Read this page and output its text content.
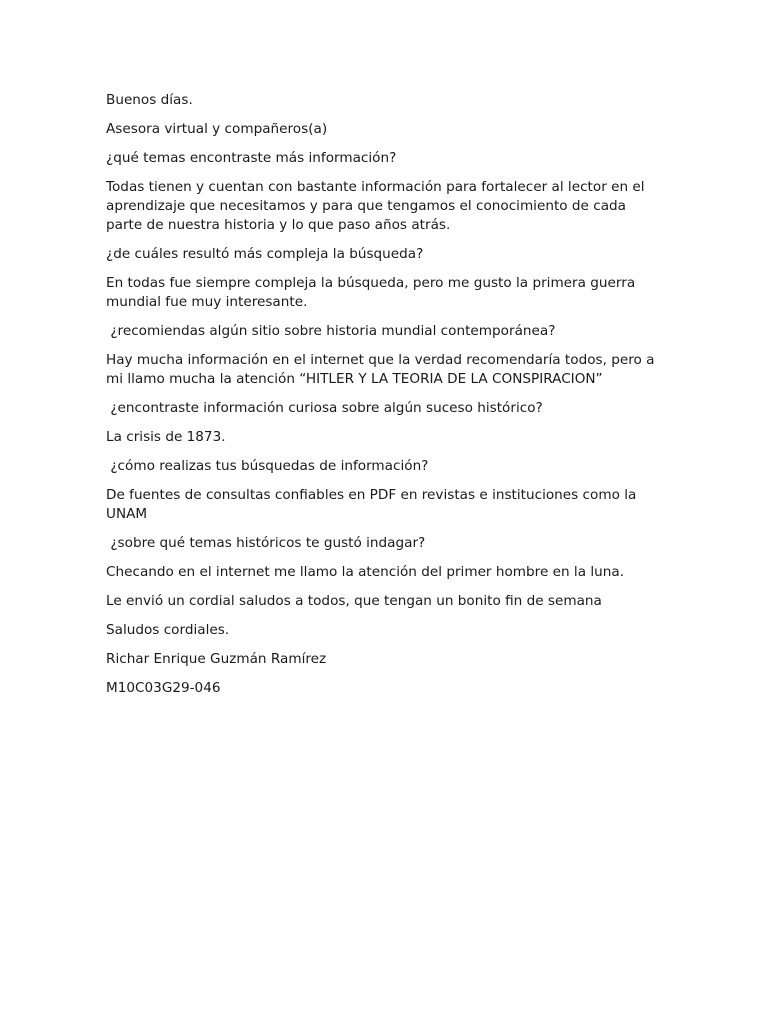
Buenos días.

Asesora virtual y compañeros(a)

¿qué temas encontraste más información?

Todas tienen y cuentan con bastante información para fortalecer al lector en el aprendizaje que necesitamos y para que tengamos el conocimiento de cada parte de nuestra historia y lo que paso años atrás.

¿de cuáles resultó más compleja la búsqueda?

En todas fue siempre compleja la búsqueda, pero me gusto la primera guerra mundial fue muy interesante.

¿recomiendas algún sitio sobre historia mundial contemporánea?

Hay mucha información en el internet que la verdad recomendaría todos, pero a mi llamo mucha la atención “HITLER Y LA TEORIA DE LA CONSPIRACION”

¿encontraste información curiosa sobre algún suceso histórico?

La crisis de 1873.

¿cómo realizas tus búsquedas de información?

De fuentes de consultas confiables en PDF en revistas e instituciones como la UNAM

¿sobre qué temas históricos te gustó indagar?

Checando en el internet me llamo la atención del primer hombre en la luna.

Le envió un cordial saludos a todos, que tengan un bonito fin de semana

Saludos cordiales.

Richar Enrique Guzmán Ramírez

M10C03G29-046
